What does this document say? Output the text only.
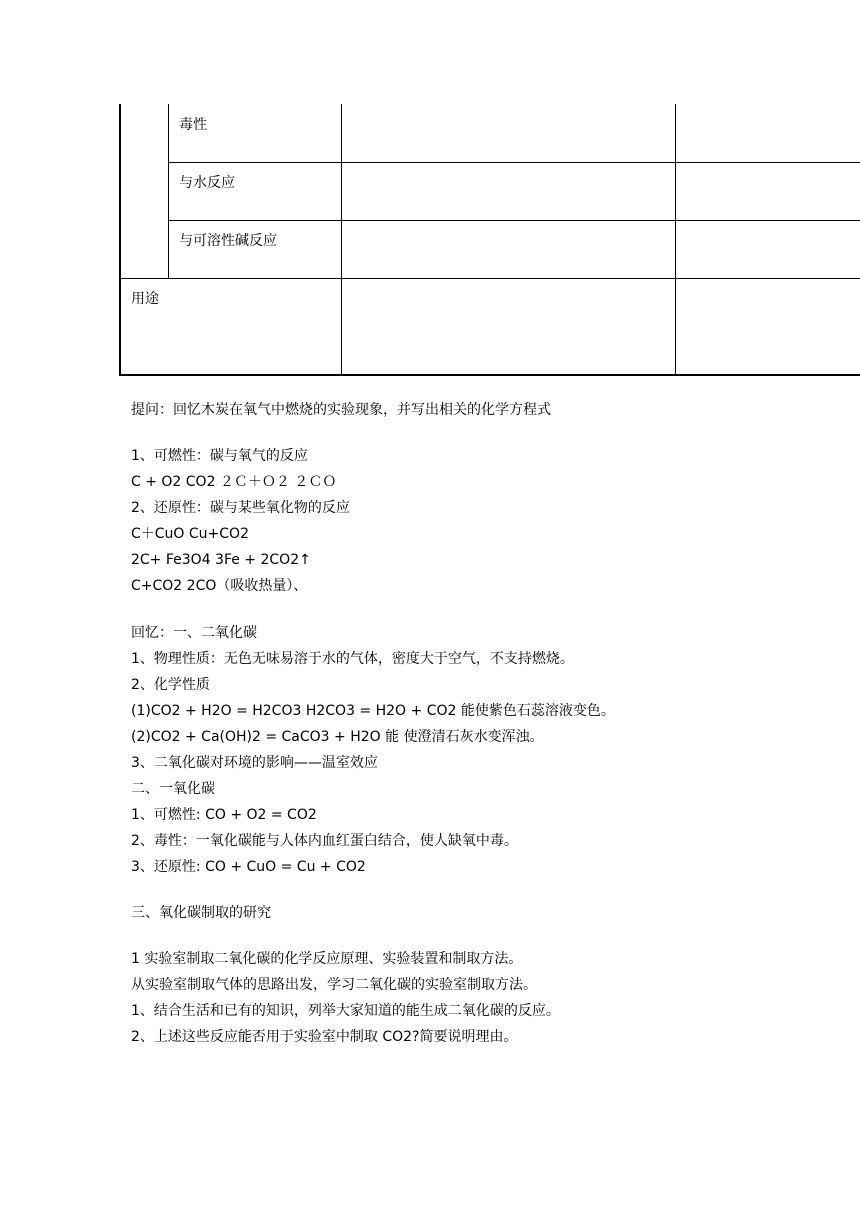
毒性
与水反应
与可溶性碱反应
用途
提问：回忆木炭在氧气中燃烧的实验现象，并写出相关的化学方程式
1、可燃性：碳与氧气的反应
C + O2 CO2 ２Ｃ＋Ｏ２ ２ＣＯ
2、还原性：碳与某些氧化物的反应
C＋CuO Cu+CO2
2C+ Fe3O4 3Fe + 2CO2↑
C+CO2 2CO（吸收热量）、
回忆：一、二氧化碳
1、物理性质：无色无味易溶于水的气体，密度大于空气，不支持燃烧。
2、化学性质
(1)CO2 + H2O = H2CO3 H2CO3 = H2O + CO2 能使紫色石蕊溶液变色。
(2)CO2 + Ca(OH)2 = CaCO3 + H2O 能 使澄清石灰水变浑浊。
3、二氧化碳对环境的影响——温室效应
二、一氧化碳
1、可燃性: CO + O2 = CO2
2、毒性：一氧化碳能与人体内血红蛋白结合，使人缺氧中毒。
3、还原性: CO + CuO = Cu + CO2
三、氧化碳制取的研究
1 实验室制取二氧化碳的化学反应原理、实验装置和制取方法。
从实验室制取气体的思路出发，学习二氧化碳的实验室制取方法。
1、结合生活和已有的知识，列举大家知道的能生成二氧化碳的反应。
2、上述这些反应能否用于实验室中制取 CO2?简要说明理由。
